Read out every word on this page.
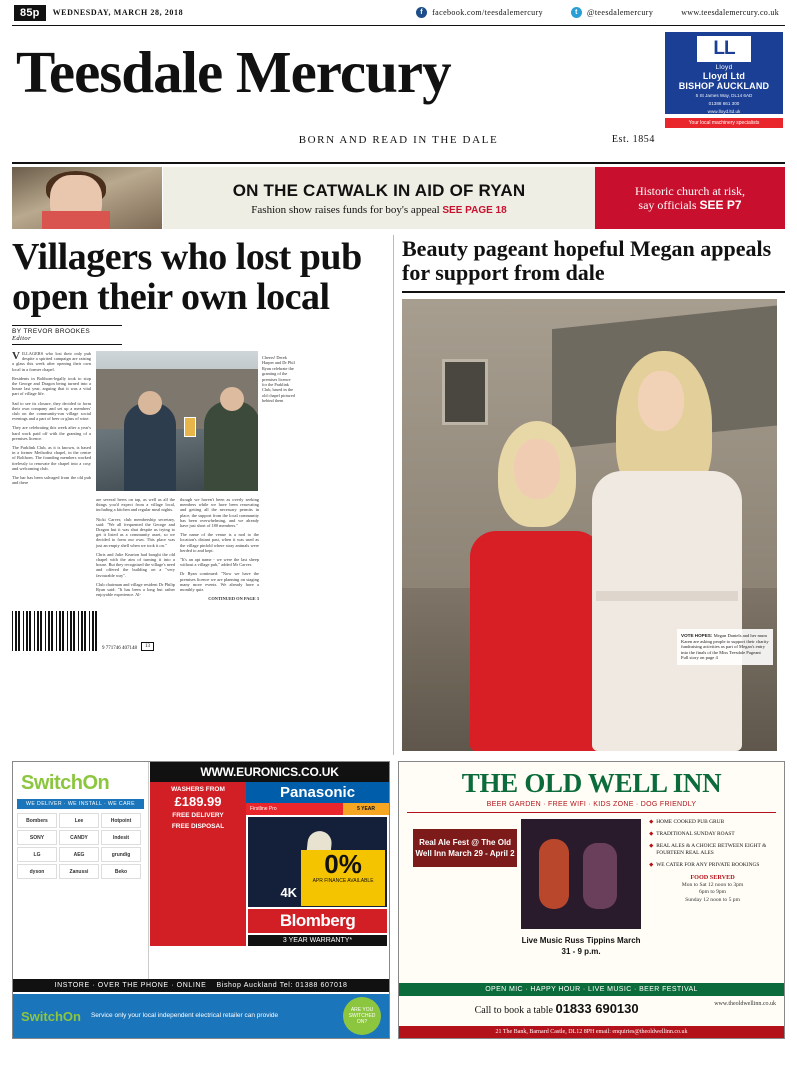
85p	WEDNESDAY, MARCH 28, 2018	f	facebook.com/teesdalemercury	t	@teesdalemercury	www.teesdalemercury.co.uk
Teesdale Mercury	LL
Lloyd
Lloyd Ltd
BISHOP AUCKLAND
5 St James Way, DL14 6AD
01388 661 300
www.lloyd.ltd.uk
Your local machinery specialists
BORN AND READ IN THE DALE	Est. 1854
ON THE CATWALK IN AID OF RYAN
Fashion show raises funds for boy's appeal SEE PAGE 18
Historic church at risk,
say officials SEE P7
Villagers who lost pub open their own local
BY TREVOR BROOKES
Editor

VILLAGERS who lost their only pub despite a spirited campaign are raising a glass this week after opening their own local in a former chapel.

Residents in Bolthorn-legally took to stop the George and Dragon being turned into a house last year, arguing that it was a vital part of village life.

Sad to see its closure, they decided to form their own company and set up a members' club on the community-run village social evenings and a part of beer or glass of wine.

They are celebrating this week after a year's hard work paid off with the granting of a premises licence.

The Parklink Club, as it is known, is based in a former Methodist chapel, in the centre of Bolthorn. The founding members worked tirelessly to renovate the chapel into a cosy and welcoming club.

The bar has been salvaged from the old pub and there

Cheers! Derek Harper and Dr Phil Ryan celebrate the granting of the premises licence for the Parklink Club, based in the old chapel pictured behind them

are several beers on tap, as well as all the things you'd expect from a village local, including a kitchen and regular meal nights.

Nicki Carver, club membership secretary, said: "We all frequented the George and Dragon but it was shut despite us trying to get it listed as a community asset, so we decided to form our own. This place was just an empty shell when we took it on."

Chris and Julie Kearton had bought the old chapel with the aim of turning it into a house. But they recognised the village's need and offered the building on a "very favourable way".

Club chairman and village resident Dr Philip Ryan said: "It has been a long but rather enjoyable experience. Al-

though we haven't been as overly seeking members while we have been renovating and getting all the necessary permits in place, the support from the local community has been overwhelming, and we already have just short of 180 members."

The name of the venue is a nod to the location's distant past, when it was used as the village pinfold where stray animals were herded to and kept.

"It's an apt name - we were the last sheep without a village pub," added Mr Carver.

Dr Ryan continued: "Now we have the premises licence we are planning on staging many more events. We already have a monthly quiz

CONTINUED ON PAGE 3

9 771746 407148	13
Beauty pageant hopeful Megan appeals for support from dale
VOTE HOPES: Megan Daniels and her mum Karen are asking people to support their charity fundraising activities as part of Megan's entry into the finals of the Miss Teesdale Pageant Full story on page 4
SwitchOn
WE DELIVER · WE INSTALL · WE CARE
Bombers	Lee	Hotpoint
SONY	CANDY	Indesit
LG	AEG	grundig
dyson	Zanussi	Beko
WWW.EURONICS.CO.UK
WASHERS FROM
£189.99
FREE DELIVERY
FREE DISPOSAL
Panasonic
Firstline Pro	5 YEAR
Blomberg
3 YEAR WARRANTY*
4K
0%
APR FINANCE AVAILABLE
INSTORE · OVER THE PHONE · ONLINE Bishop Auckland Tel: 01388 607018
SwitchOn Service only your local independent electrical retailer can provide
ARE YOU SWITCHED ON?
THE OLD WELL INN
BEER GARDEN · FREE WIFI · KIDS ZONE · DOG FRIENDLY
Real Ale Fest @ The Old Well Inn March 29 - April 2
Live Music Russ Tippins March 31 - 9 p.m.
◆ HOME COOKED PUB GRUB
◆ TRADITIONAL SUNDAY ROAST
◆ REAL ALES & A CHOICE BETWEEN EIGHT & FOURTEEN REAL ALES
◆ WE CATER FOR ANY PRIVATE BOOKINGS
FOOD SERVED
Mon to Sat 12 noon to 3pm
6pm to 9pm
Sunday 12 noon to 5 pm
OPEN MIC · HAPPY HOUR · LIVE MUSIC · BEER FESTIVAL
www.theoldwellinn.co.uk
Call to book a table 01833 690130
21 The Bank, Barnard Castle, DL12 8PH email: enquiries@theoldwellinn.co.uk
